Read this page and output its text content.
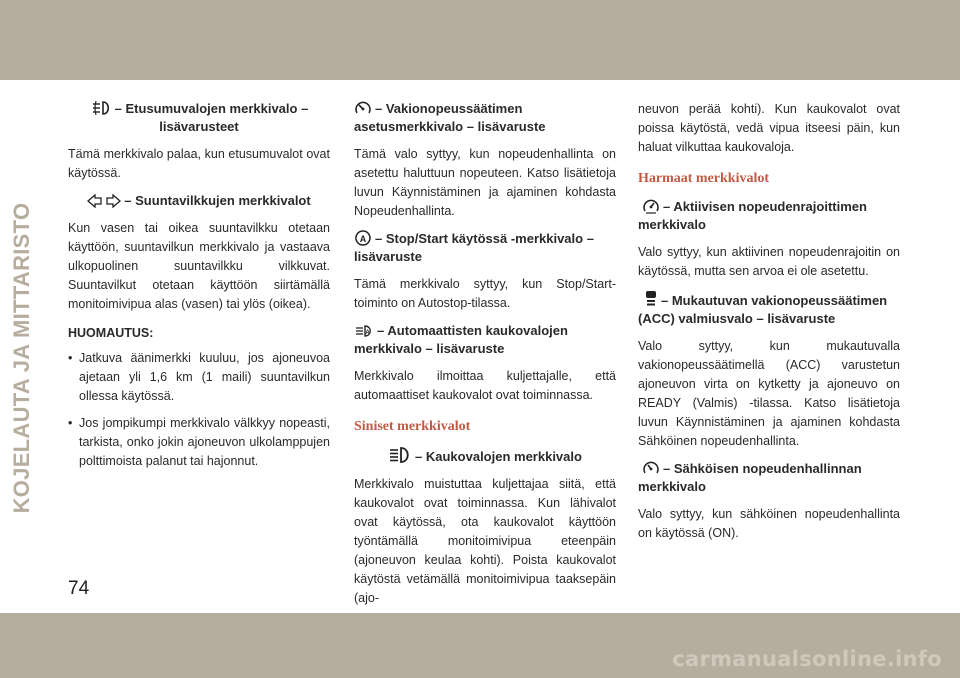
KOJELAUTA JA MITTARISTO
– Etusumuvalojen merkkivalo – lisävarusteet

Tämä merkkivalo palaa, kun etusumuvalot ovat käytössä.

– Suuntavilkkujen merkkivalot

Kun vasen tai oikea suuntavilkku otetaan käyttöön, suuntavilkun merkkivalo ja vastaava ulkopuolinen suuntavilkku vilkkuvat. Suuntavilkut otetaan käyttöön siirtämällä monitoimivipua alas (vasen) tai ylös (oikea).

HUOMAUTUS:
• Jatkuva äänimerkki kuuluu, jos ajoneuvoa ajetaan yli 1,6 km (1 maili) suuntavilkun ollessa käytössä.
• Jos jompikumpi merkkivalo välkkyy nopeasti, tarkista, onko jokin ajoneuvon ulkolamppujen polttimoista palanut tai hajonnut.
– Vakionopeussäätimen asetusmerkkivalo – lisävaruste

Tämä valo syttyy, kun nopeudenhallinta on asetettu haluttuun nopeuteen. Katso lisätietoja luvun Käynnistäminen ja ajaminen kohdasta Nopeudenhallinta.

A – Stop/Start käytössä -merkkivalo – lisävaruste

Tämä merkkivalo syttyy, kun Stop/Start-toiminto on Autostop-tilassa.

A – Automaattisten kaukovalojen merkkivalo – lisävaruste

Merkkivalo ilmoittaa kuljettajalle, että automaattiset kaukovalot ovat toiminnassa.

Siniset merkkivalot
– Kaukovalojen merkkivalo

Merkkivalo muistuttaa kuljettajaa siitä, että kaukovalot ovat toiminnassa. Kun lähivalot ovat käytössä, ota kaukovalot käyttöön työntämällä monitoimivipua eteenpäin (ajoneuvon keulaa kohti). Poista kaukovalot käytöstä vetämällä monitoimivipua taaksepäin (ajo-

neuvon perää kohti). Kun kaukovalot ovat poissa käytöstä, vedä vipua itseesi päin, kun haluat vilkuttaa kaukovaloja.

Harmaat merkkivalot
– Aktiivisen nopeudenrajoittimen merkkivalo

Valo syttyy, kun aktiivinen nopeudenrajoitin on käytössä, mutta sen arvoa ei ole asetettu.

– Mukautuvan vakionopeussäätimen (ACC) valmiusvalo – lisävaruste

Valo syttyy, kun mukautuvalla vakionopeussäätimellä (ACC) varustetun ajoneuvon virta on kytketty ja ajoneuvo on READY (Valmis) -tilassa. Katso lisätietoja luvun Käynnistäminen ja ajaminen kohdasta Sähköinen nopeudenhallinta.

– Sähköisen nopeudenhallinnan merkkivalo

Valo syttyy, kun sähköinen nopeudenhallinta on käytössä (ON).

74
carmanualsonline.info
